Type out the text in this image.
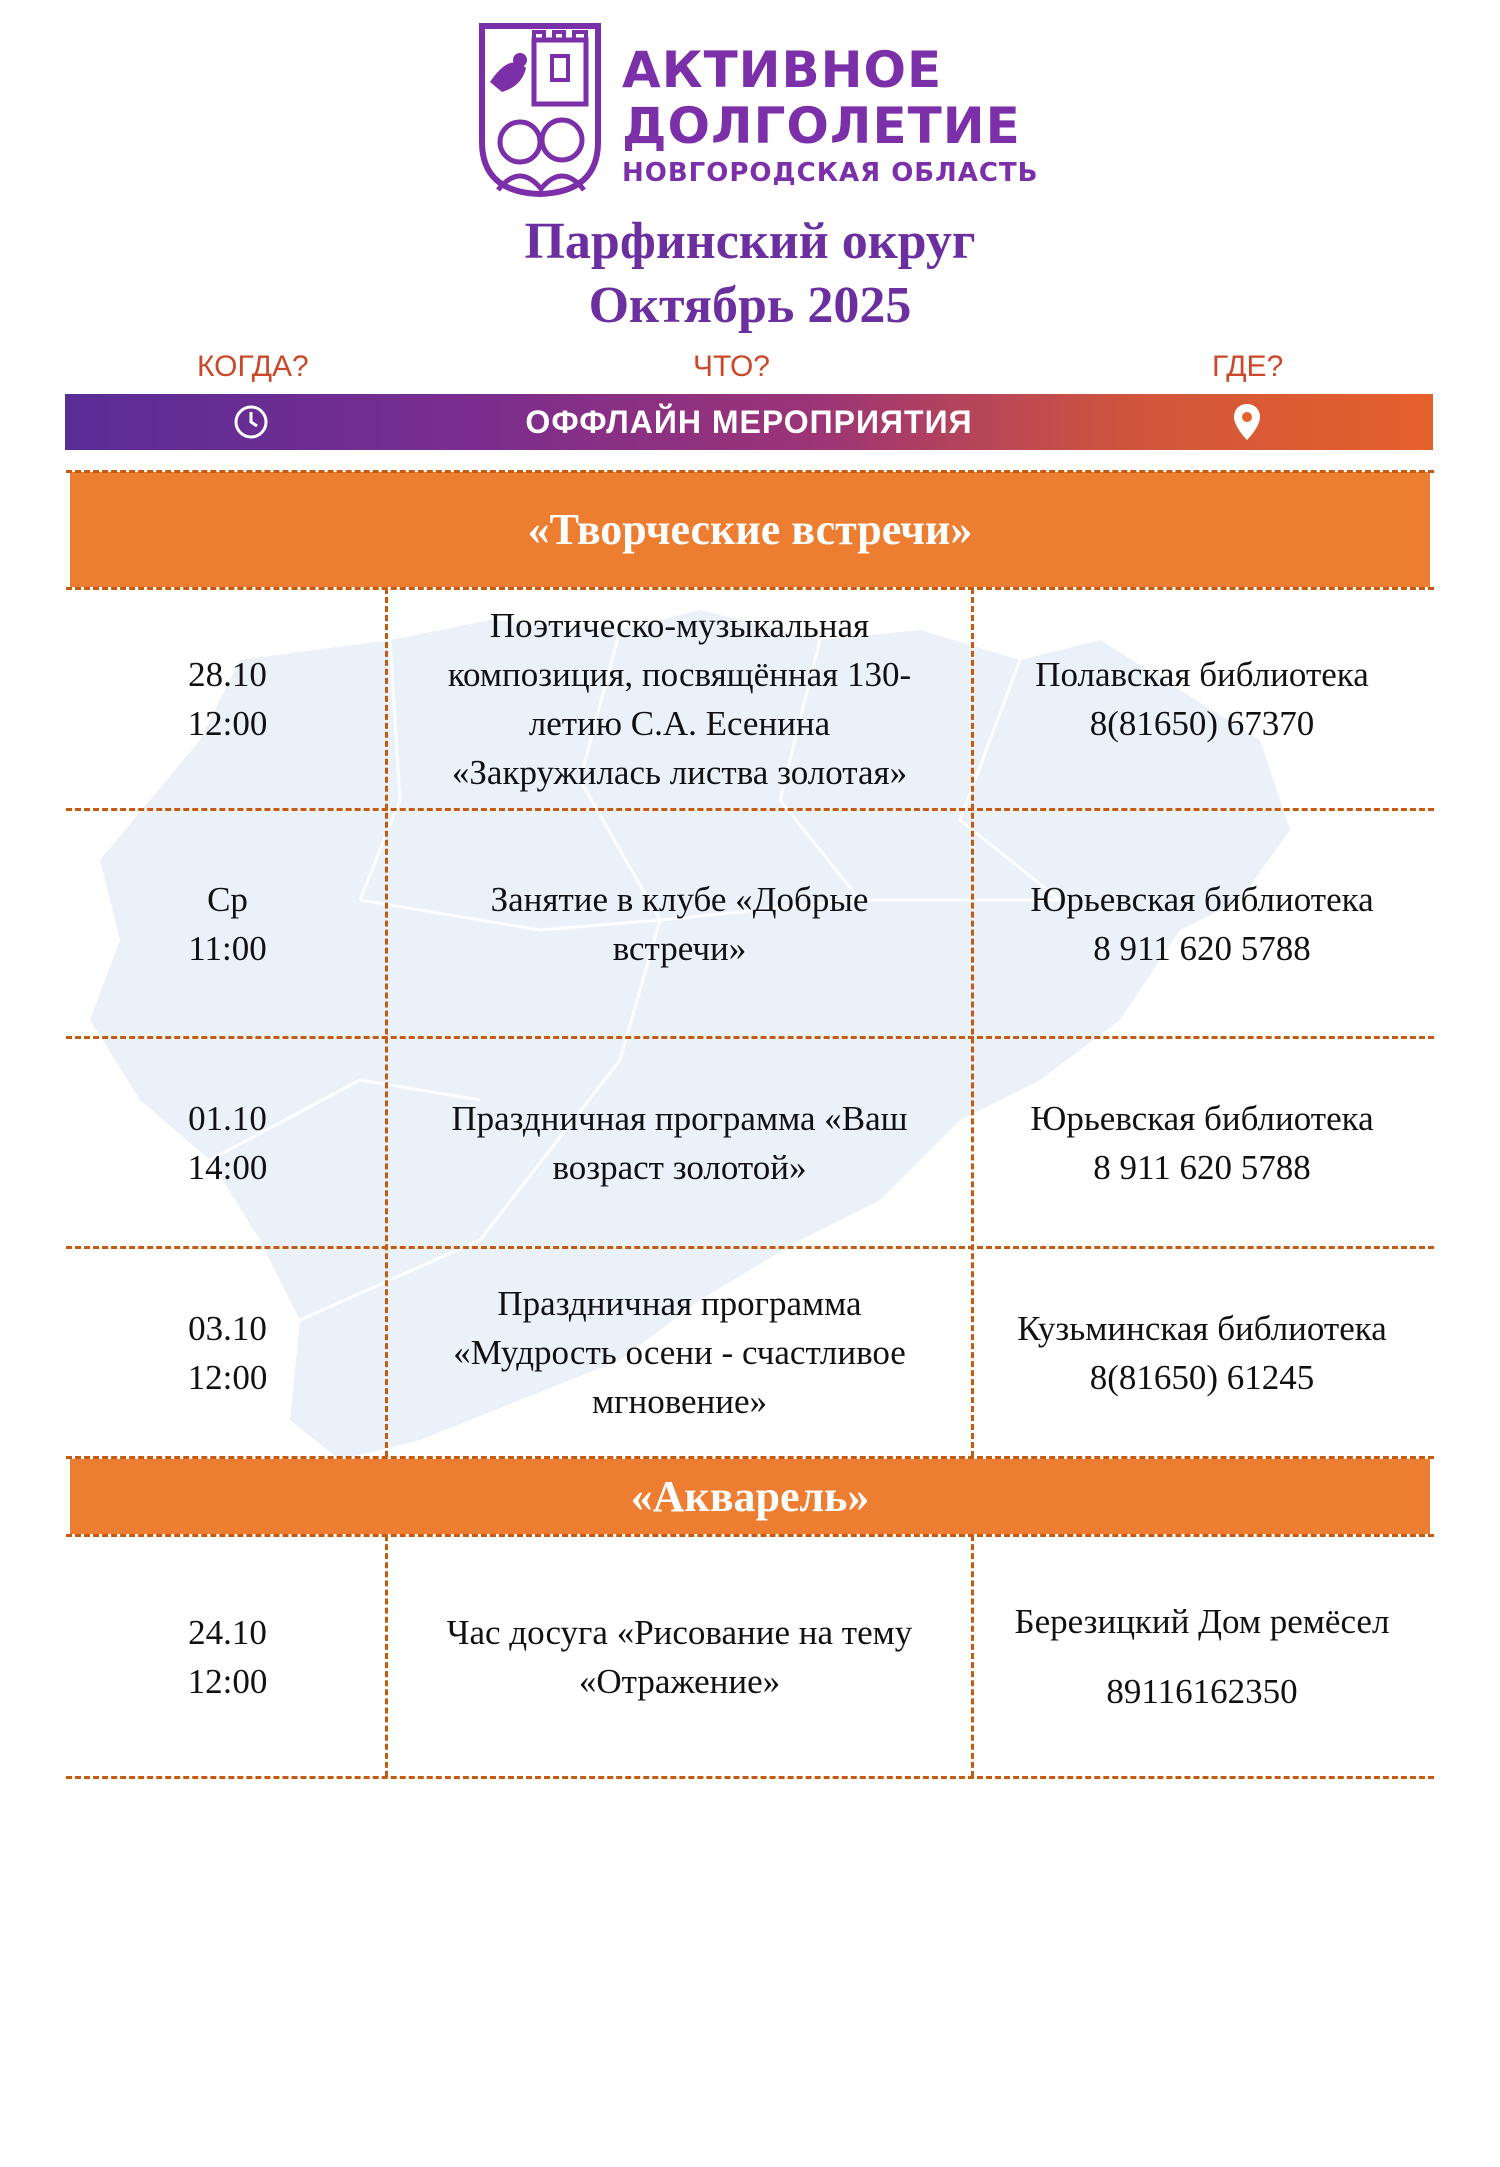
АКТИВНОЕ
ДОЛГОЛЕТИЕ
НОВГОРОДСКАЯ ОБЛАСТЬ
Парфинский округ
Октябрь 2025
КОГДА?	ЧТО?	ГДЕ?
ОФФЛАЙН МЕРОПРИЯТИЯ
«Творческие встречи»
28.10
12:00
Поэтическо-музыкальная
композиция, посвящённая 130-
летию С.А. Есенина
«Закружилась листва золотая»
Полавская библиотека
8(81650) 67370
Ср
11:00
Занятие в клубе «Добрые
встречи»
Юрьевская библиотека
8 911 620 5788
01.10
14:00
Праздничная программа «Ваш
возраст золотой»
Юрьевская библиотека
8 911 620 5788
03.10
12:00
Праздничная программа
«Мудрость осени - счастливое
мгновение»
Кузьминская библиотека
8(81650) 61245
«Акварель»
24.10
12:00
Час досуга «Рисование на тему
«Отражение»
Березицкий Дом ремёсел

89116162350
